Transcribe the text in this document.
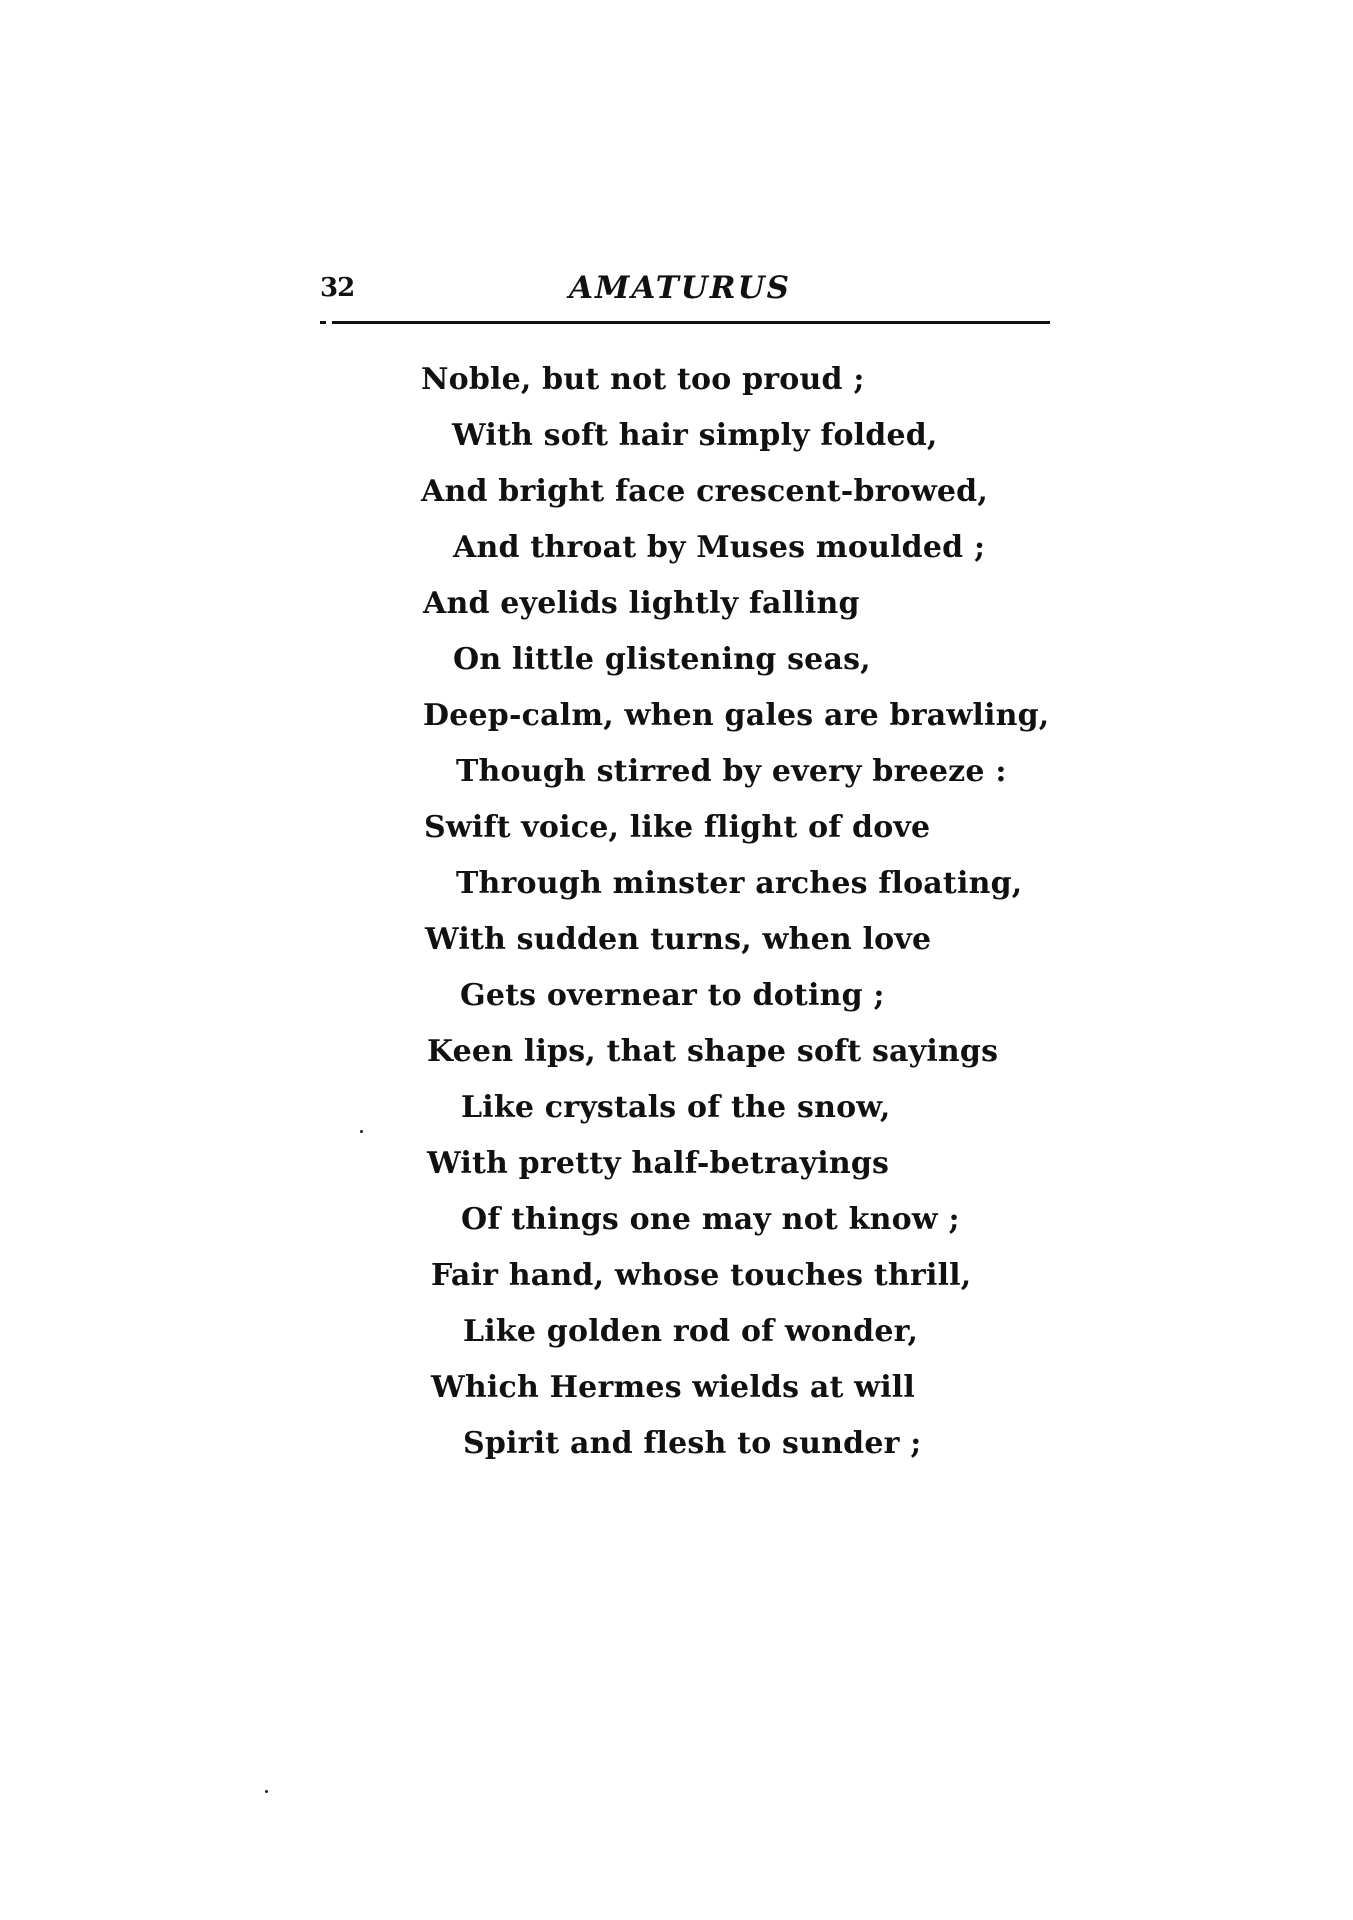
32	AMATURUS
Noble, but not too proud ;
With soft hair simply folded,
And bright face crescent-browed,
And throat by Muses moulded ;
And eyelids lightly falling
On little glistening seas,
Deep-calm, when gales are brawling,
Though stirred by every breeze :
Swift voice, like flight of dove
Through minster arches floating,
With sudden turns, when love
Gets overnear to doting ;
Keen lips, that shape soft sayings
Like crystals of the snow,
With pretty half-betrayings
Of things one may not know ;
Fair hand, whose touches thrill,
Like golden rod of wonder,
Which Hermes wields at will
Spirit and flesh to sunder ;
